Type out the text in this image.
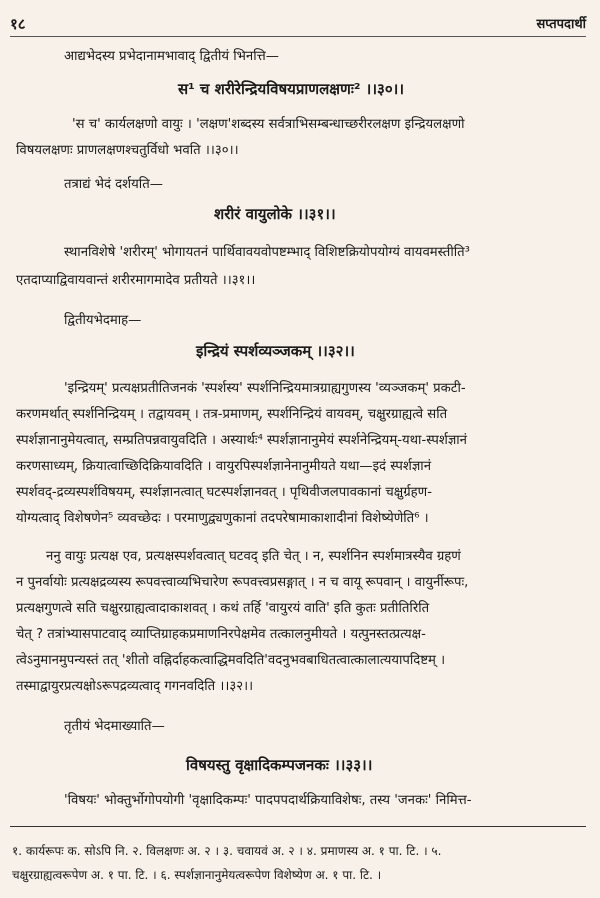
१८	सप्तपदार्थी
आद्यभेदस्य प्रभेदानामभावाद् द्वितीयं भिनत्ति—
स¹ च शरीरेन्द्रियविषयप्राणलक्षणः² ।।३०।।
'स च' कार्यलक्षणो वायुः । 'लक्षण'शब्दस्य सर्वत्राभिसम्बन्धाच्छरीरलक्षण इन्द्रियलक्षणो
विषयलक्षणः प्राणलक्षणश्चतुर्विधो भवति ।।३०।।
तत्राद्यं भेदं दर्शयति—
शरीरं वायुलोके ।।३१।।
स्थानविशेषे 'शरीरम्' भोगायतनं पार्थिवावयवोपष्टम्भाद् विशिष्टक्रियोपयोग्यं वायवमस्तीति³
एतदाप्याद्विवायवान्तं शरीरमागमादेव प्रतीयते ।।३१।।
द्वितीयभेदमाह—
इन्द्रियं स्पर्शव्यञ्जकम् ।।३२।।
'इन्द्रियम्' प्रत्यक्षप्रतीतिजनकं 'स्पर्शस्य' स्पर्शनिन्द्रियमात्रग्राह्यगुणस्य 'व्यञ्जकम्' प्रकटी-
करणमर्थात् स्पर्शनिन्द्रियम् । तद्वायवम् । तत्र-प्रमाणम्, स्पर्शनिन्द्रियं वायवम्, चक्षुरग्राह्यत्वे सति
स्पर्शज्ञानानुमेयत्वात्, सम्प्रतिपन्नवायुवदिति । अस्यार्थः⁴ स्पर्शज्ञानानुमेयं स्पर्शनेन्द्रियम्-यथा-स्पर्शज्ञानं
करणसाध्यम्, क्रियात्वाच्छिदिक्रियावदिति । वायुरपिस्पर्शज्ञानेनानुमीयते यथा—इदं स्पर्शज्ञानं
स्पर्शवद्-द्रव्यस्पर्शविषयम्, स्पर्शज्ञानत्वात् घटस्पर्शज्ञानवत् । पृथिवीजलपावकानां चक्षुर्ग्रहण-
योग्यत्वाद् विशेषणेन⁵ व्यवच्छेदः । परमाणुद्व्यणुकानां तदपरेषामाकाशादीनां विशेष्येणेति⁶ ।
ननु वायुः प्रत्यक्ष एव, प्रत्यक्षस्पर्शवत्वात् घटवद् इति चेत् । न, स्पर्शनिन स्पर्शमात्रस्यैव ग्रहणं
न पुनर्वायोः प्रत्यक्षद्रव्यस्य रूपवत्त्वाव्यभिचारेण रूपवत्त्वप्रसङ्गात् । न च वायू रूपवान् । वायुर्नीरूपः,
प्रत्यक्षगुणत्वे सति चक्षुरग्राह्यत्वादाकाशवत् । कथं तर्हि 'वायुरयं वाति' इति कुतः प्रतीतिरिति
चेत् ? तत्रांभ्यासपाटवाद् व्याप्तिग्राहकप्रमाणनिरपेक्षमेव तत्कालनुमीयते । यत्पुनस्तत्प्रत्यक्ष-
त्वेऽनुमानमुपन्यस्तं तत् 'शीतो वह्निर्दाहकत्वाद्धिमवदिति'वदनुभवबाधितत्वात्कालात्ययापदिष्टम् ।
तस्माद्वायुरप्रत्यक्षोऽरूपद्रव्यत्वाद् गगनवदिति ।।३२।।
तृतीयं भेदमाख्याति—
विषयस्तु वृक्षादिकम्पजनकः ।।३३।।
'विषयः' भोक्तुर्भोगोपयोगी 'वृक्षादिकम्पः' पादपपदार्थक्रियाविशेषः, तस्य 'जनकः' निमित्त-
१. कार्यरूपः क. सोऽपि नि. २. विलक्षणः अ. २ । ३. चवायवं अ. २ । ४. प्रमाणस्य अ. १ पा. टि. । ५.
चक्षुरग्राह्यत्वरूपेण अ. १ पा. टि. । ६. स्पर्शज्ञानानुमेयत्वरूपेण विशेष्येण अ. १ पा. टि. ।
